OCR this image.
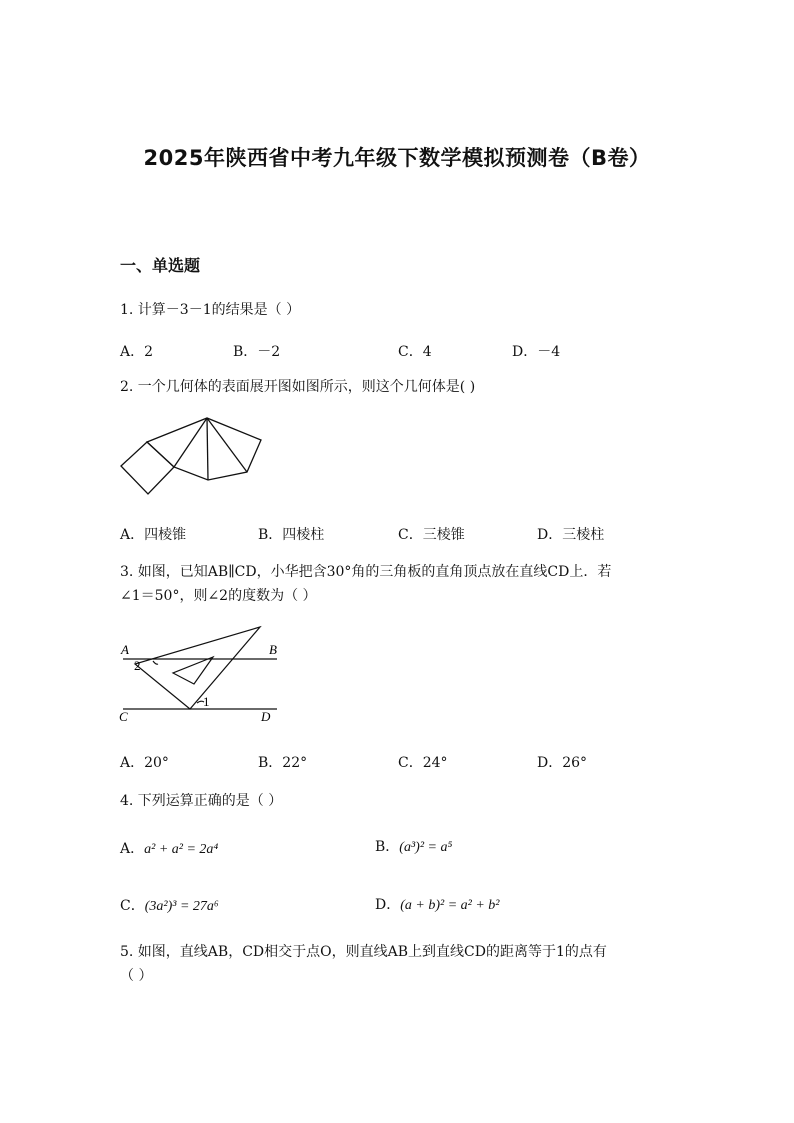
2025年陕西省中考九年级下数学模拟预测卷（B卷）
一、单选题
1. 计算－3－1的结果是（ ）
A．2	B．－2	C．4	D．－4
2. 一个几何体的表面展开图如图所示，则这个几何体是( )
A．四棱锥	B．四棱柱	C．三棱锥	D．三棱柱
3. 如图，已知AB∥CD，小华把含30°角的三角板的直角顶点放在直线CD上．若
∠1＝50°，则∠2的度数为（ ）
A	B
C	D
1
2
A．20°	B．22°	C．24°	D．26°
4. 下列运算正确的是（ ）
A．a² + a² = 2a⁴	B．(a³)² = a⁵
C．(3a²)³ = 27a⁶	D．(a + b)² = a² + b²
5. 如图，直线AB，CD相交于点O，则直线AB上到直线CD的距离等于1的点有
（ ）
